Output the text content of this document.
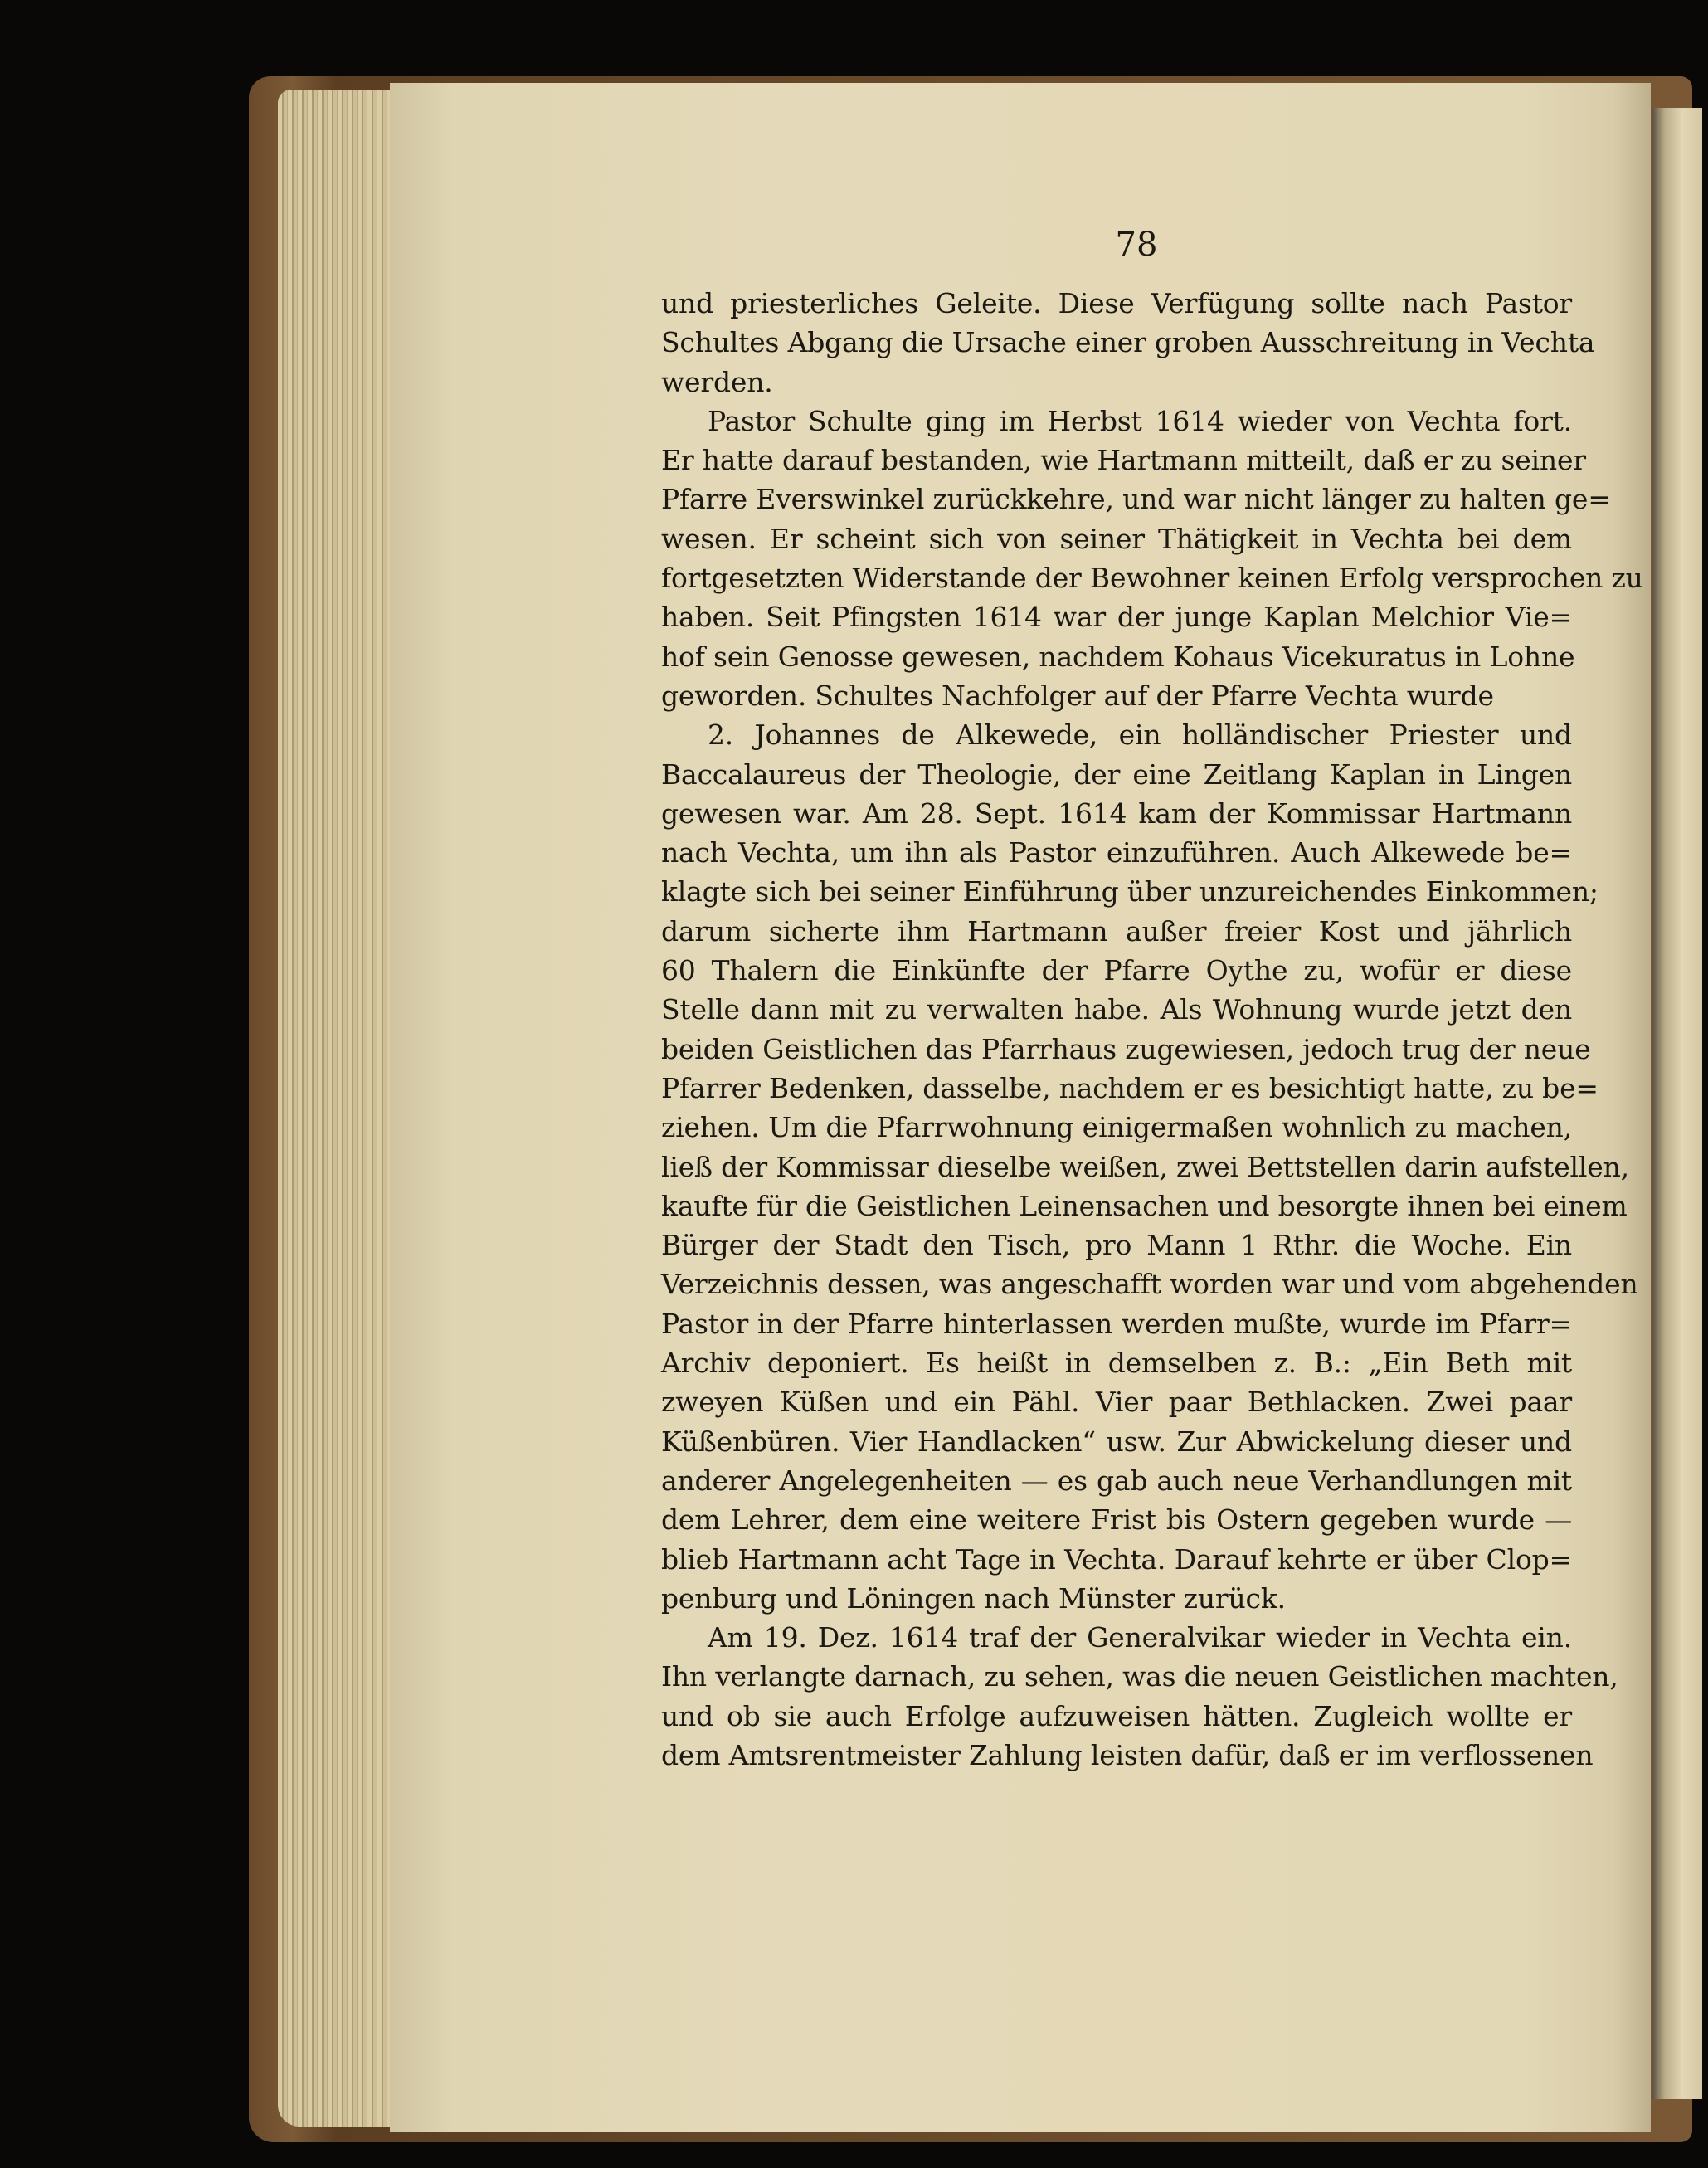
78
und priesterliches Geleite. Diese Verfügung sollte nach Pastor
Schultes Abgang die Ursache einer groben Ausschreitung in Vechta
werden.
Pastor Schulte ging im Herbst 1614 wieder von Vechta fort.
Er hatte darauf bestanden, wie Hartmann mitteilt, daß er zu seiner
Pfarre Everswinkel zurückkehre, und war nicht länger zu halten ge=
wesen. Er scheint sich von seiner Thätigkeit in Vechta bei dem
fortgesetzten Widerstande der Bewohner keinen Erfolg versprochen zu
haben. Seit Pfingsten 1614 war der junge Kaplan Melchior Vie=
hof sein Genosse gewesen, nachdem Kohaus Vicekuratus in Lohne
geworden. Schultes Nachfolger auf der Pfarre Vechta wurde
2. Johannes de Alkewede, ein holländischer Priester und
Baccalaureus der Theologie, der eine Zeitlang Kaplan in Lingen
gewesen war. Am 28. Sept. 1614 kam der Kommissar Hartmann
nach Vechta, um ihn als Pastor einzuführen. Auch Alkewede be=
klagte sich bei seiner Einführung über unzureichendes Einkommen;
darum sicherte ihm Hartmann außer freier Kost und jährlich
60 Thalern die Einkünfte der Pfarre Oythe zu, wofür er diese
Stelle dann mit zu verwalten habe. Als Wohnung wurde jetzt den
beiden Geistlichen das Pfarrhaus zugewiesen, jedoch trug der neue
Pfarrer Bedenken, dasselbe, nachdem er es besichtigt hatte, zu be=
ziehen. Um die Pfarrwohnung einigermaßen wohnlich zu machen,
ließ der Kommissar dieselbe weißen, zwei Bettstellen darin aufstellen,
kaufte für die Geistlichen Leinensachen und besorgte ihnen bei einem
Bürger der Stadt den Tisch, pro Mann 1 Rthr. die Woche. Ein
Verzeichnis dessen, was angeschafft worden war und vom abgehenden
Pastor in der Pfarre hinterlassen werden mußte, wurde im Pfarr=
Archiv deponiert. Es heißt in demselben z. B.: „Ein Beth mit
zweyen Küßen und ein Pähl. Vier paar Bethlacken. Zwei paar
Küßenbüren. Vier Handlacken“ usw. Zur Abwickelung dieser und
anderer Angelegenheiten — es gab auch neue Verhandlungen mit
dem Lehrer, dem eine weitere Frist bis Ostern gegeben wurde —
blieb Hartmann acht Tage in Vechta. Darauf kehrte er über Clop=
penburg und Löningen nach Münster zurück.
Am 19. Dez. 1614 traf der Generalvikar wieder in Vechta ein.
Ihn verlangte darnach, zu sehen, was die neuen Geistlichen machten,
und ob sie auch Erfolge aufzuweisen hätten. Zugleich wollte er
dem Amtsrentmeister Zahlung leisten dafür, daß er im verflossenen
